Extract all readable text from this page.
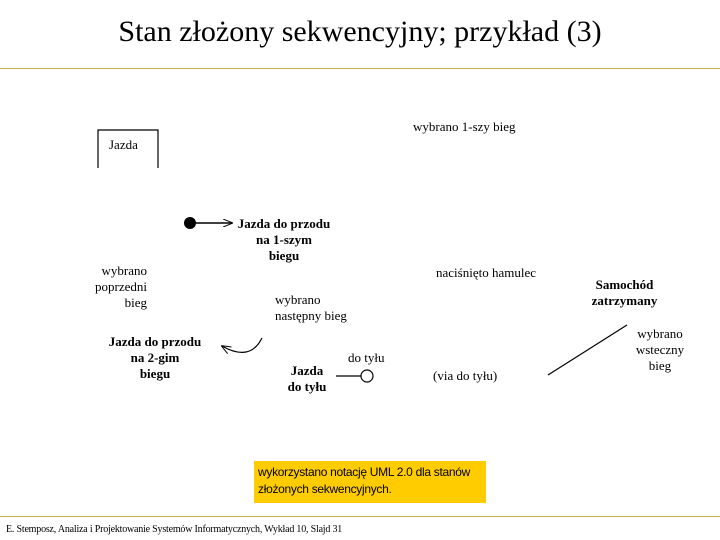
Stan złożony sekwencyjny; przykład (3)
Jazda
wybrano 1-szy bieg
Jazda do przodu
na 1-szym
biegu
wybrano
poprzedni
bieg
naciśnięto hamulec
Samochód
zatrzymany
wybrano
następny bieg
wybrano
wsteczny
bieg
Jazda do przodu
na 2-gim
biegu
do tyłu
Jazda
do tyłu
(via do tyłu)
wykorzystano notację UML 2.0 dla stanów złożonych sekwencyjnych.
E. Stemposz, Analiza i Projektowanie Systemów Informatycznych, Wykład 10, Slajd 31
